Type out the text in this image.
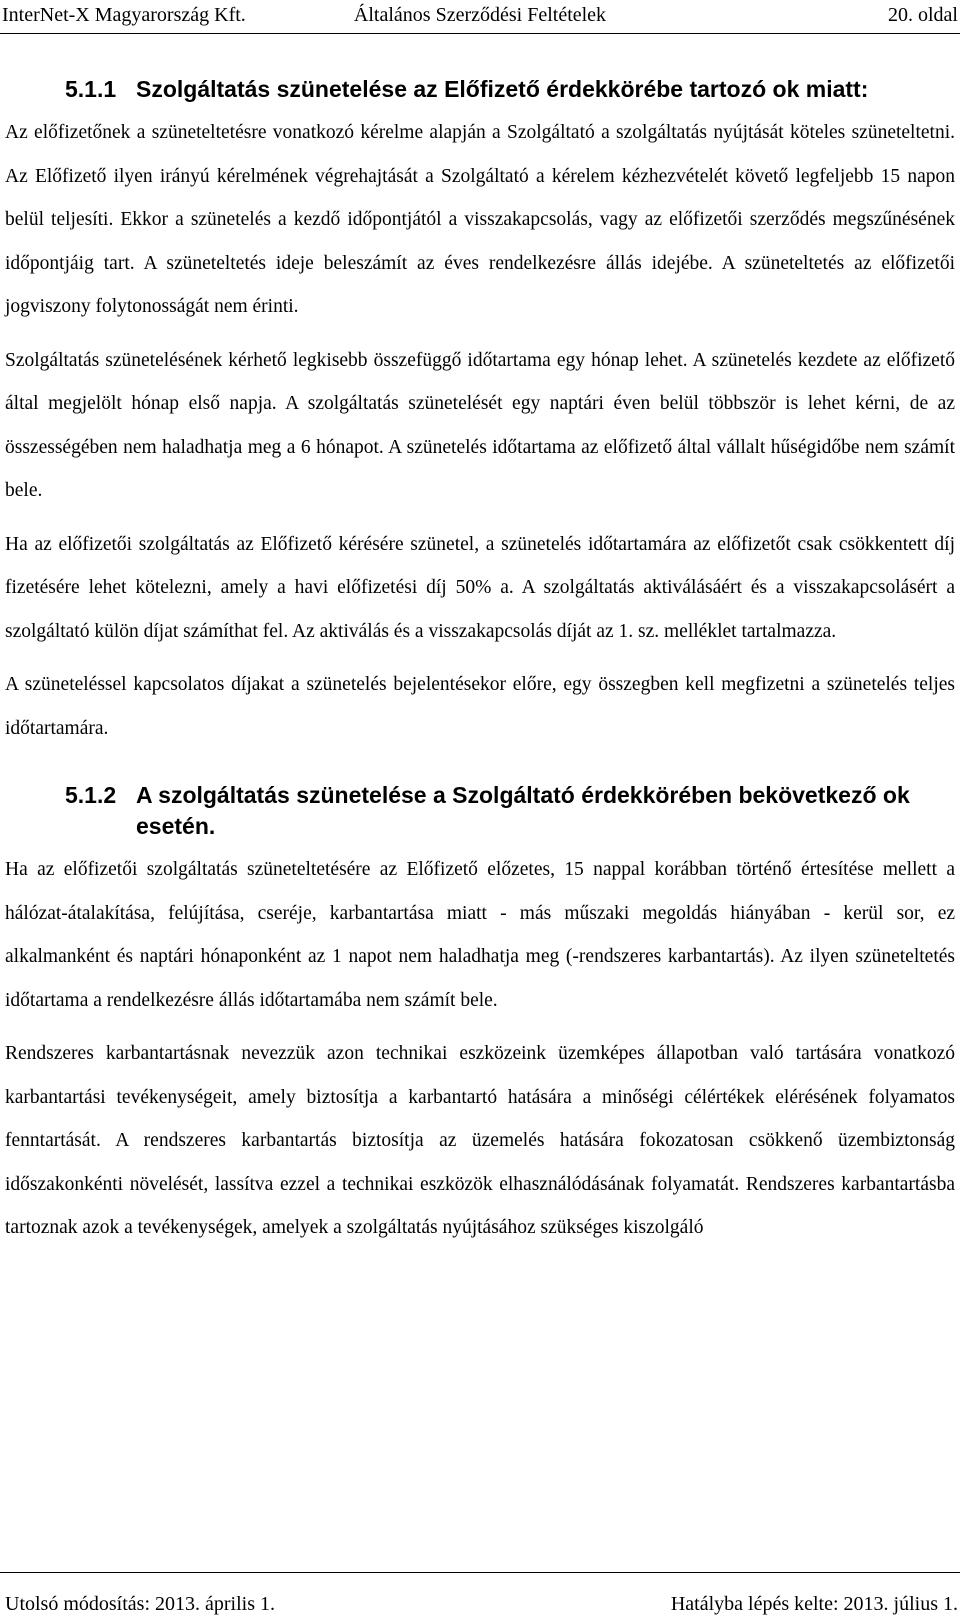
InterNet-X Magyarország Kft.	Általános Szerződési Feltételek	20. oldal
5.1.1 Szolgáltatás szünetelése az Előfizető érdekkörébe tartozó ok miatt:

Az előfizetőnek a szüneteltetésre vonatkozó kérelme alapján a Szolgáltató a szolgáltatás nyújtását köteles szüneteltetni. Az Előfizető ilyen irányú kérelmének végrehajtását a Szolgáltató a kérelem kézhezvételét követő legfeljebb 15 napon belül teljesíti. Ekkor a szünetelés a kezdő időpontjától a visszakapcsolás, vagy az előfizetői szerződés megszűnésének időpontjáig tart. A szüneteltetés ideje beleszámít az éves rendelkezésre állás idejébe. A szüneteltetés az előfizetői jogviszony folytonosságát nem érinti.

Szolgáltatás szünetelésének kérhető legkisebb összefüggő időtartama egy hónap lehet. A szünetelés kezdete az előfizető által megjelölt hónap első napja. A szolgáltatás szünetelését egy naptári éven belül többször is lehet kérni, de az összességében nem haladhatja meg a 6 hónapot. A szünetelés időtartama az előfizető által vállalt hűségidőbe nem számít bele.

Ha az előfizetői szolgáltatás az Előfizető kérésére szünetel, a szünetelés időtartamára az előfizetőt csak csökkentett díj fizetésére lehet kötelezni, amely a havi előfizetési díj 50% a. A szolgáltatás aktiválásáért és a visszakapcsolásért a szolgáltató külön díjat számíthat fel. Az aktiválás és a visszakapcsolás díját az 1. sz. melléklet tartalmazza.

A szüneteléssel kapcsolatos díjakat a szünetelés bejelentésekor előre, egy összegben kell megfizetni a szünetelés teljes időtartamára.

5.1.2 A szolgáltatás szünetelése a Szolgáltató érdekkörében bekövetkező ok esetén.

Ha az előfizetői szolgáltatás szüneteltetésére az Előfizető előzetes, 15 nappal korábban történő értesítése mellett a hálózat-átalakítása, felújítása, cseréje, karbantartása miatt - más műszaki megoldás hiányában - kerül sor, ez alkalmanként és naptári hónaponként az 1 napot nem haladhatja meg (-rendszeres karbantartás). Az ilyen szüneteltetés időtartama a rendelkezésre állás időtartamába nem számít bele.

Rendszeres karbantartásnak nevezzük azon technikai eszközeink üzemképes állapotban való tartására vonatkozó karbantartási tevékenységeit, amely biztosítja a karbantartó hatására a minőségi célértékek elérésének folyamatos fenntartását. A rendszeres karbantartás biztosítja az üzemelés hatására fokozatosan csökkenő üzembiztonság időszakonkénti növelését, lassítva ezzel a technikai eszközök elhasználódásának folyamatát. Rendszeres karbantartásba tartoznak azok a tevékenységek, amelyek a szolgáltatás nyújtásához szükséges kiszolgáló

Utolsó módosítás: 2013. április 1.	Hatályba lépés kelte: 2013. július 1.
